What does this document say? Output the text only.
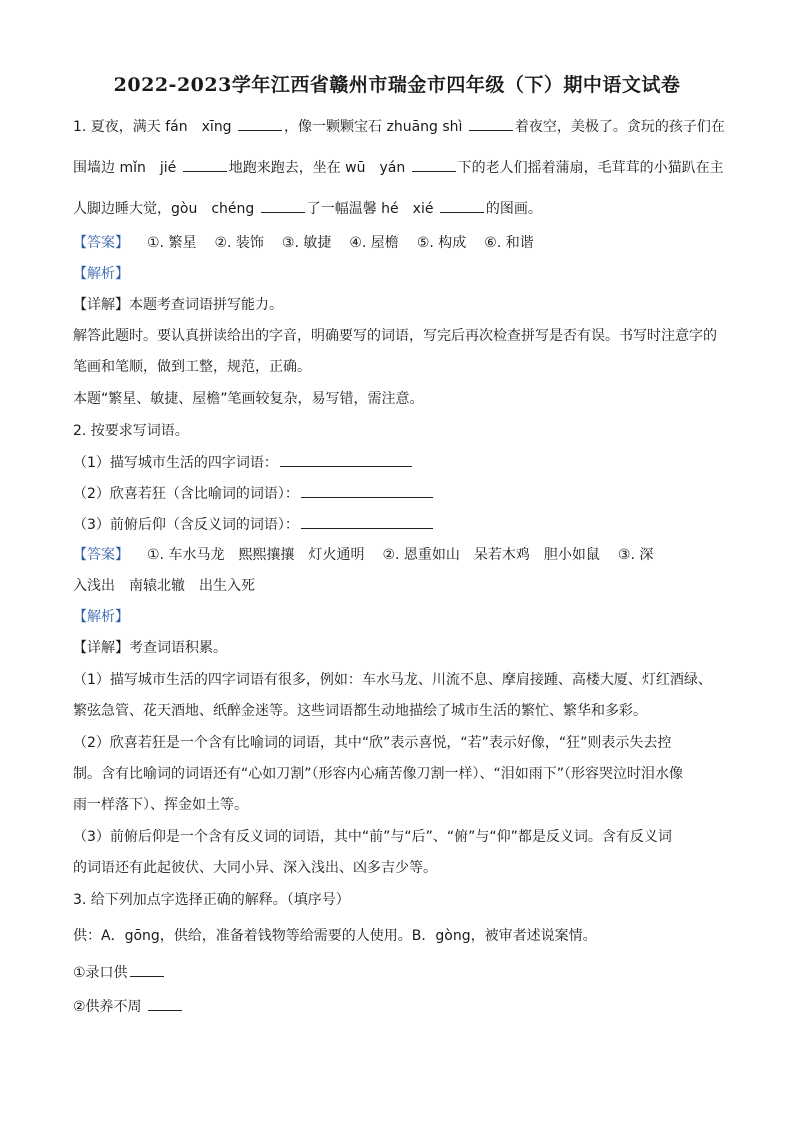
2022-2023学年江西省赣州市瑞金市四年级（下）期中语文试卷
1. 夏夜，满天 fán　xīng	，像一颗颗宝石 zhuāng shì	着夜空，美极了。贪玩的孩子们在
围墙边 mǐn　jié	地跑来跑去，坐在 wū　yán	下的老人们摇着蒲扇，毛茸茸的小猫趴在主
人脚边睡大觉，gòu　chéng	了一幅温馨 hé　xié	的图画。
【答案】 ①. 繁星 ②. 装饰 ③. 敏捷 ④. 屋檐 ⑤. 构成 ⑥. 和谐
【解析】
【详解】本题考查词语拼写能力。
解答此题时。要认真拼读给出的字音，明确要写的词语，写完后再次检查拼写是否有误。书写时注意字的
笔画和笔顺，做到工整，规范，正确。
本题“繁星、敏捷、屋檐”笔画较复杂，易写错，需注意。
2. 按要求写词语。
（1）描写城市生活的四字词语：
（2）欣喜若狂（含比喻词的词语）：
（3）前俯后仰（含反义词的词语）：
【答案】 ①. 车水马龙　熙熙攘攘　灯火通明 ②. 恩重如山　呆若木鸡　胆小如鼠 ③. 深
入浅出　南辕北辙　出生入死
【解析】
【详解】考查词语积累。
（1）描写城市生活的四字词语有很多，例如：车水马龙、川流不息、摩肩接踵、高楼大厦、灯红酒绿、
繁弦急管、花天酒地、纸醉金迷等。这些词语都生动地描绘了城市生活的繁忙、繁华和多彩。
（2）欣喜若狂是一个含有比喻词的词语，其中“欣”表示喜悦，“若”表示好像，“狂”则表示失去控
制。含有比喻词的词语还有“心如刀割”（形容内心痛苦像刀割一样）、“泪如雨下”（形容哭泣时泪水像
雨一样落下）、挥金如土等。
（3）前俯后仰是一个含有反义词的词语，其中“前”与“后”、“俯”与“仰”都是反义词。含有反义词
的词语还有此起彼伏、大同小异、深入浅出、凶多吉少等。
3. 给下列加点字选择正确的解释。（填序号）
供：A．gōng，供给，准备着钱物等给需要的人使用。B．gòng，被审者述说案情。
①录口供
②供养不周
